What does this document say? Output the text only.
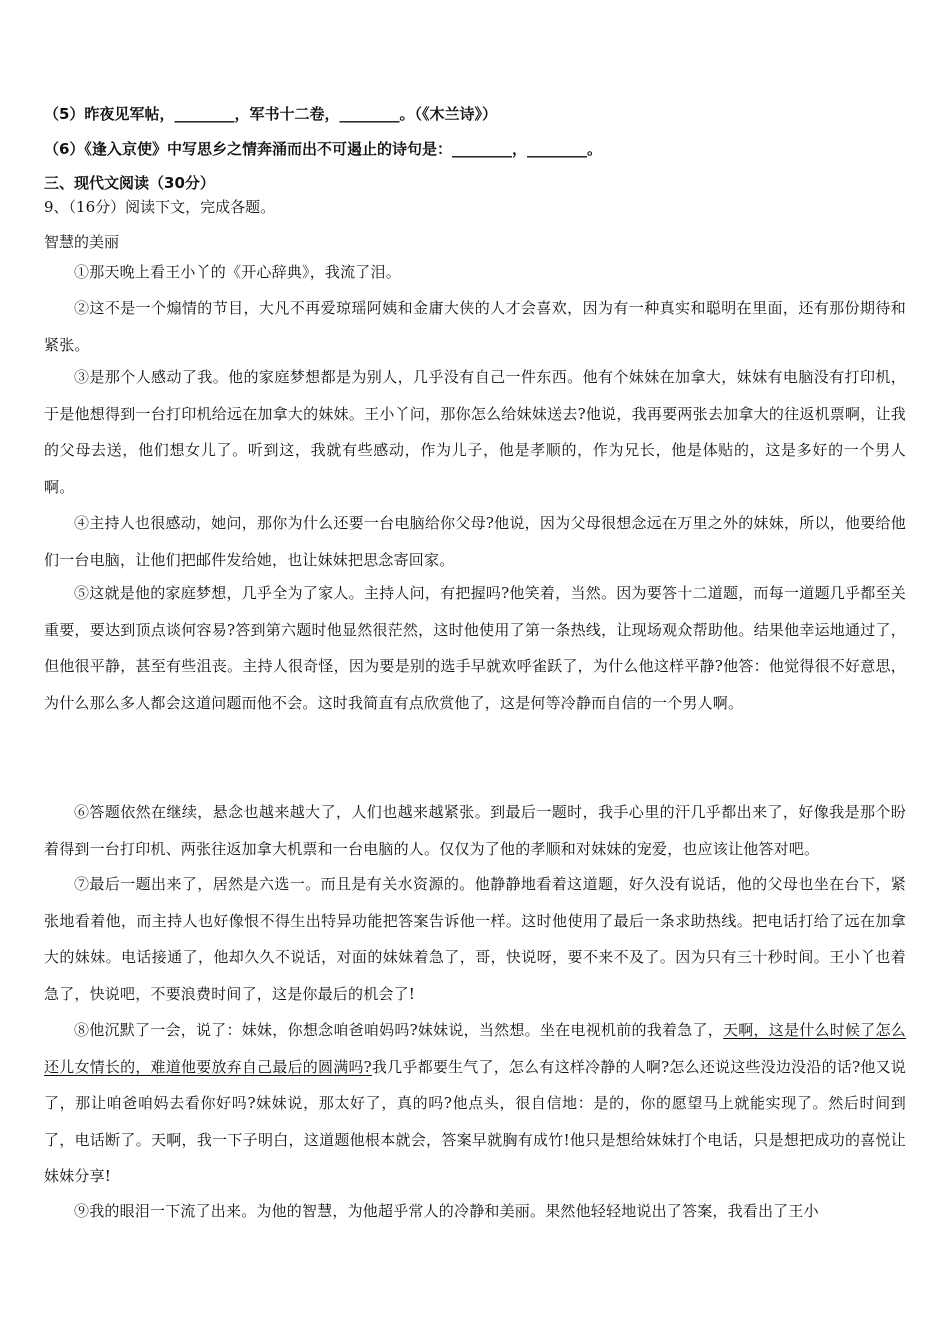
（5）昨夜见军帖，________，军书十二卷，________。（《木兰诗》）
（6）《逢入京使》中写思乡之情奔涌而出不可遏止的诗句是：________，________。
三、现代文阅读（30分）
9、（16分）阅读下文，完成各题。
智慧的美丽
①那天晚上看王小丫的《开心辞典》，我流了泪。
②这不是一个煽情的节目，大凡不再爱琼瑶阿姨和金庸大侠的人才会喜欢，因为有一种真实和聪明在里面，还有那份期待和紧张。
③是那个人感动了我。他的家庭梦想都是为别人，几乎没有自己一件东西。他有个妹妹在加拿大，妹妹有电脑没有打印机，于是他想得到一台打印机给远在加拿大的妹妹。王小丫问，那你怎么给妹妹送去?他说，我再要两张去加拿大的往返机票啊，让我的父母去送，他们想女儿了。听到这，我就有些感动，作为儿子，他是孝顺的，作为兄长，他是体贴的，这是多好的一个男人啊。
④主持人也很感动，她问，那你为什么还要一台电脑给你父母?他说，因为父母很想念远在万里之外的妹妹，所以，他要给他们一台电脑，让他们把邮件发给她，也让妹妹把思念寄回家。
⑤这就是他的家庭梦想，几乎全为了家人。主持人问，有把握吗?他笑着，当然。因为要答十二道题，而每一道题几乎都至关重要，要达到顶点谈何容易?答到第六题时他显然很茫然，这时他使用了第一条热线，让现场观众帮助他。结果他幸运地通过了，但他很平静，甚至有些沮丧。主持人很奇怪，因为要是别的选手早就欢呼雀跃了，为什么他这样平静?他答：他觉得很不好意思，为什么那么多人都会这道问题而他不会。这时我简直有点欣赏他了，这是何等冷静而自信的一个男人啊。
⑥答题依然在继续，悬念也越来越大了，人们也越来越紧张。到最后一题时，我手心里的汗几乎都出来了，好像我是那个盼着得到一台打印机、两张往返加拿大机票和一台电脑的人。仅仅为了他的孝顺和对妹妹的宠爱，也应该让他答对吧。
⑦最后一题出来了，居然是六选一。而且是有关水资源的。他静静地看着这道题，好久没有说话，他的父母也坐在台下，紧张地看着他，而主持人也好像恨不得生出特异功能把答案告诉他一样。这时他使用了最后一条求助热线。把电话打给了远在加拿大的妹妹。电话接通了，他却久久不说话，对面的妹妹着急了，哥，快说呀，要不来不及了。因为只有三十秒时间。王小丫也着急了，快说吧，不要浪费时间了，这是你最后的机会了!
⑧他沉默了一会，说了：妹妹，你想念咱爸咱妈吗?妹妹说，当然想。坐在电视机前的我着急了，天啊，这是什么时候了怎么还儿女情长的，难道他要放弃自己最后的圆满吗?我几乎都要生气了，怎么有这样冷静的人啊?怎么还说这些没边没沿的话?他又说了，那让咱爸咱妈去看你好吗?妹妹说，那太好了，真的吗?他点头，很自信地：是的，你的愿望马上就能实现了。然后时间到了，电话断了。天啊，我一下子明白，这道题他根本就会，答案早就胸有成竹!他只是想给妹妹打个电话，只是想把成功的喜悦让妹妹分享!
⑨我的眼泪一下流了出来。为他的智慧，为他超乎常人的冷静和美丽。果然他轻轻地说出了答案，我看出了王小
